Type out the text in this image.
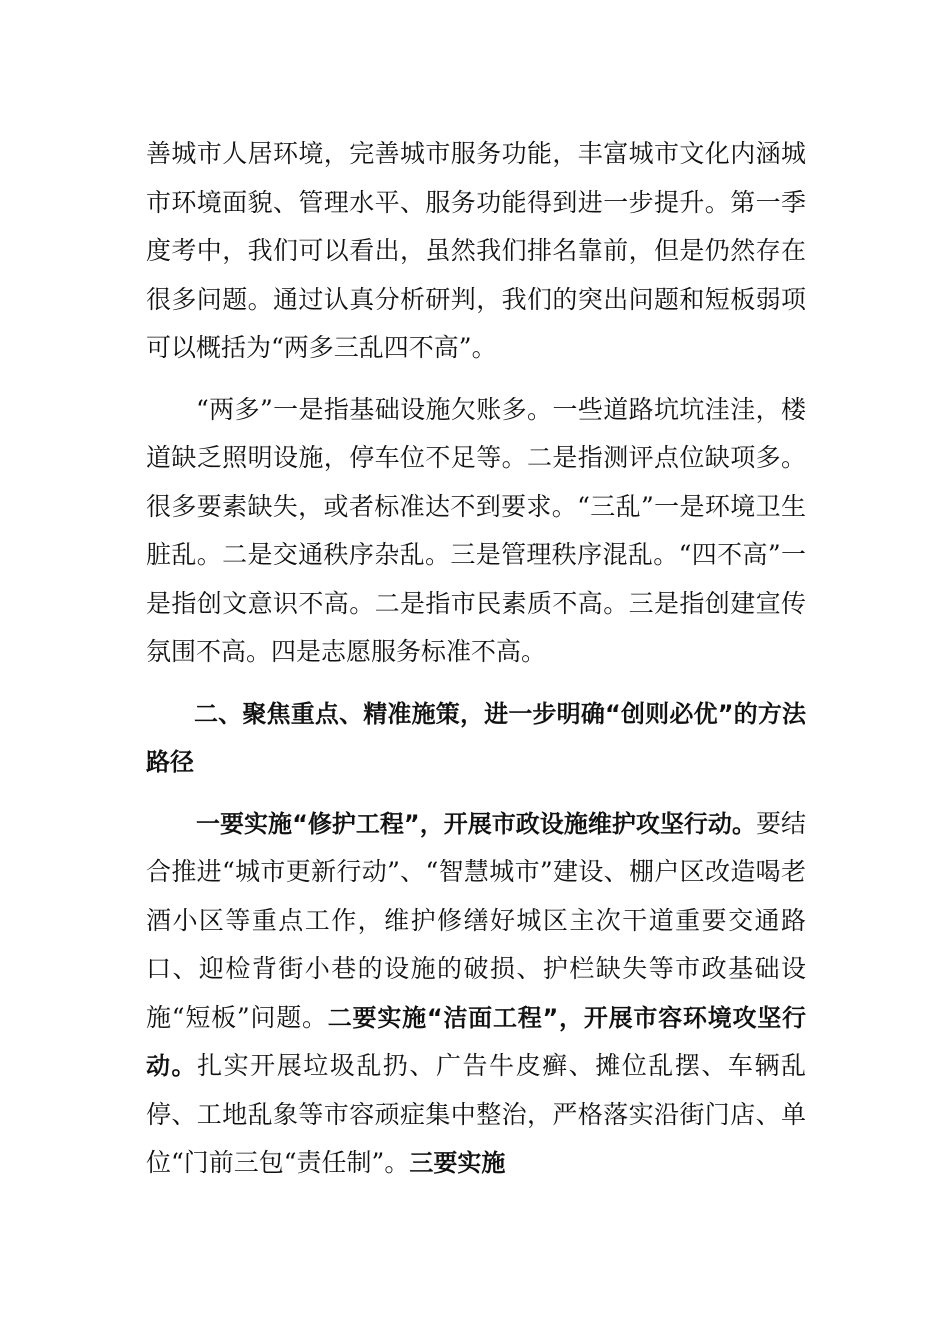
善城市人居环境，完善城市服务功能，丰富城市文化内涵城市环境面貌、管理水平、服务功能得到进一步提升。第一季度考中，我们可以看出，虽然我们排名靠前，但是仍然存在很多问题。通过认真分析研判，我们的突出问题和短板弱项可以概括为“两多三乱四不高”。

“两多”一是指基础设施欠账多。一些道路坑坑洼洼，楼道缺乏照明设施，停车位不足等。二是指测评点位缺项多。很多要素缺失，或者标准达不到要求。“三乱”一是环境卫生脏乱。二是交通秩序杂乱。三是管理秩序混乱。“四不高”一是指创文意识不高。二是指市民素质不高。三是指创建宣传氛围不高。四是志愿服务标准不高。

二、聚焦重点、精准施策，进一步明确“创则必优”的方法路径

一要实施“修护工程”，开展市政设施维护攻坚行动。要结合推进“城市更新行动”、“智慧城市”建设、棚户区改造喝老酒小区等重点工作，维护修缮好城区主次干道重要交通路口、迎检背街小巷的设施的破损、护栏缺失等市政基础设施“短板”问题。二要实施“洁面工程”，开展市容环境攻坚行动。扎实开展垃圾乱扔、广告牛皮癣、摊位乱摆、车辆乱停、工地乱象等市容顽症集中整治，严格落实沿街门店、单位“门前三包“责任制”。三要实施
